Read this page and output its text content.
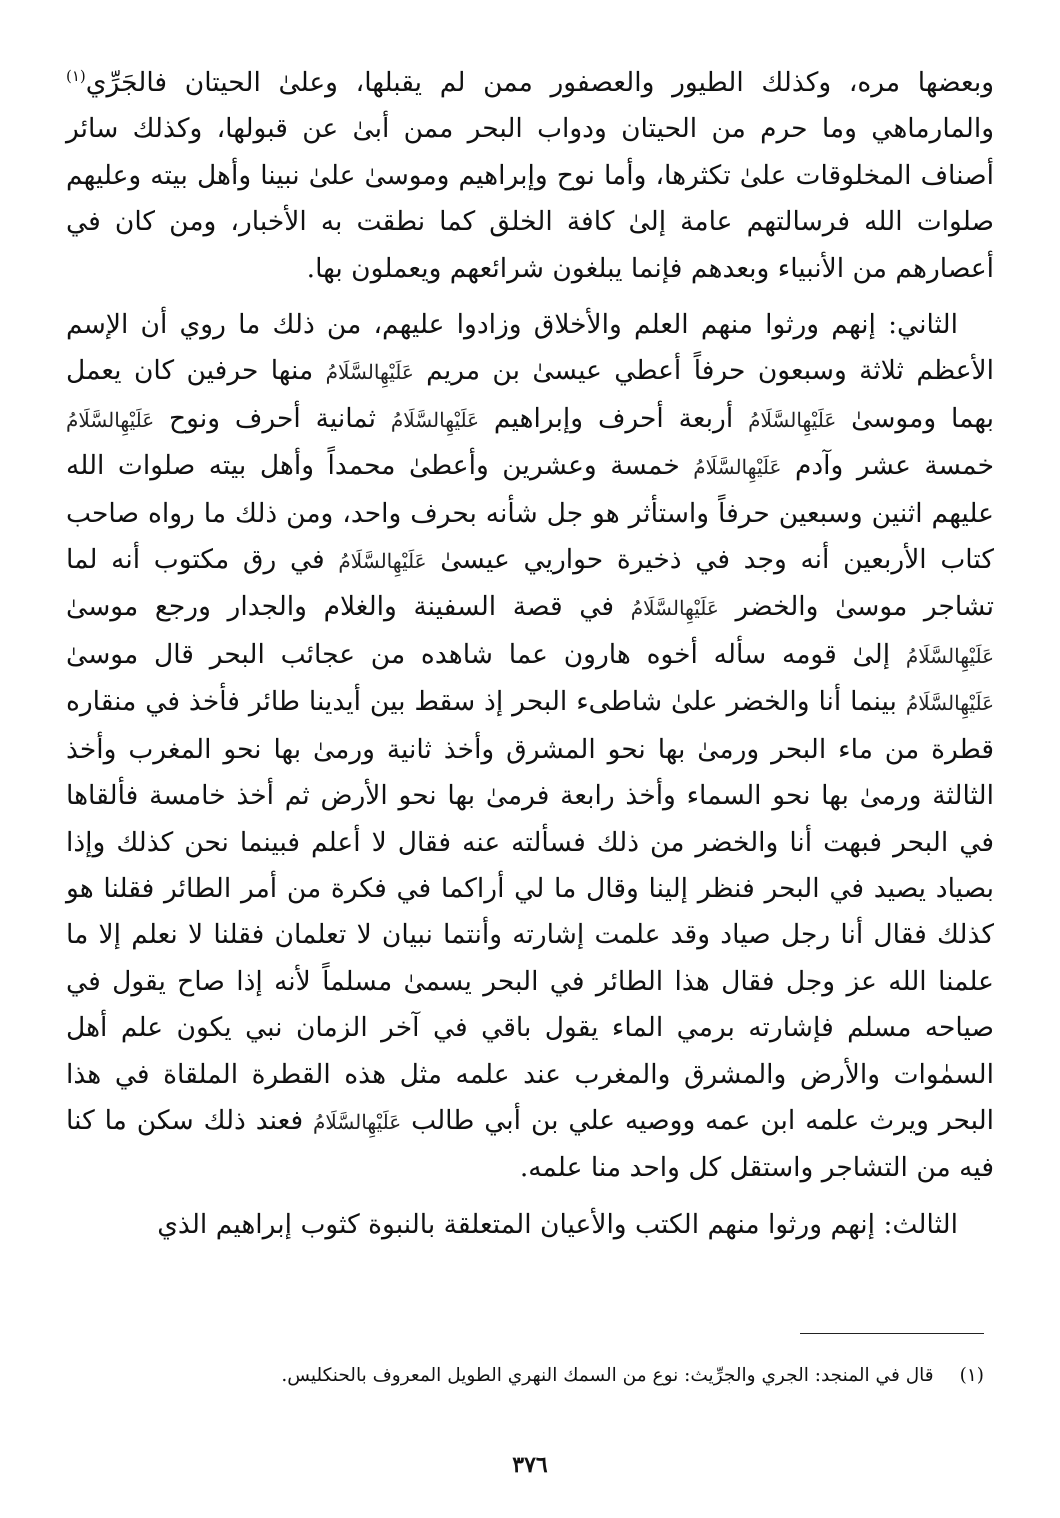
وبعضها مره، وكذلك الطيور والعصفور ممن لم يقبلها، وعلىٰ الحيتان فالجَرِّي$^{(١)}$ والمارماهي وما حرم من الحيتان ودواب البحر ممن أبىٰ عن قبولها، وكذلك سائر أصناف المخلوقات علىٰ تكثرها، وأما نوح وإبراهيم وموسىٰ علىٰ نبينا وأهل بيته وعليهم صلوات الله فرسالتهم عامة إلىٰ كافة الخلق كما نطقت به الأخبار، ومن كان في أعصارهم من الأنبياء وبعدهم فإنما يبلغون شرائعهم ويعملون بها.

الثاني: إنهم ورثوا منهم العلم والأخلاق وزادوا عليهم، من ذلك ما روي أن الإسم الأعظم ثلاثة وسبعون حرفاً أعطي عيسىٰ بن مريم عَلَيْهِالسَّلَامُ منها حرفين كان يعمل بهما وموسىٰ عَلَيْهِالسَّلَامُ أربعة أحرف وإبراهيم عَلَيْهِالسَّلَامُ ثمانية أحرف ونوح عَلَيْهِالسَّلَامُ خمسة عشر وآدم عَلَيْهِالسَّلَامُ خمسة وعشرين وأعطىٰ محمداً وأهل بيته صلوات الله عليهم اثنين وسبعين حرفاً واستأثر هو جل شأنه بحرف واحد، ومن ذلك ما رواه صاحب كتاب الأربعين أنه وجد في ذخيرة حواريي عيسىٰ عَلَيْهِالسَّلَامُ في رق مكتوب أنه لما تشاجر موسىٰ والخضر عَلَيْهِالسَّلَامُ في قصة السفينة والغلام والجدار ورجع موسىٰ عَلَيْهِالسَّلَامُ إلىٰ قومه سأله أخوه هارون عما شاهده من عجائب البحر قال موسىٰ عَلَيْهِالسَّلَامُ بينما أنا والخضر علىٰ شاطىء البحر إذ سقط بين أيدينا طائر فأخذ في منقاره قطرة من ماء البحر ورمىٰ بها نحو المشرق وأخذ ثانية ورمىٰ بها نحو المغرب وأخذ الثالثة ورمىٰ بها نحو السماء وأخذ رابعة فرمىٰ بها نحو الأرض ثم أخذ خامسة فألقاها في البحر فبهت أنا والخضر من ذلك فسألته عنه فقال لا أعلم فبينما نحن كذلك وإذا بصياد يصيد في البحر فنظر إلينا وقال ما لي أراكما في فكرة من أمر الطائر فقلنا هو كذلك فقال أنا رجل صياد وقد علمت إشارته وأنتما نبيان لا تعلمان فقلنا لا نعلم إلا ما علمنا الله عز وجل فقال هذا الطائر في البحر يسمىٰ مسلماً لأنه إذا صاح يقول في صياحه مسلم فإشارته برمي الماء يقول باقي في آخر الزمان نبي يكون علم أهل السمٰوات والأرض والمشرق والمغرب عند علمه مثل هذه القطرة الملقاة في هذا البحر ويرث علمه ابن عمه ووصيه علي بن أبي طالب عَلَيْهِالسَّلَامُ فعند ذلك سكن ما كنا فيه من التشاجر واستقل كل واحد منا علمه.

الثالث: إنهم ورثوا منهم الكتب والأعيان المتعلقة بالنبوة كثوب إبراهيم الذي

(١)قال في المنجد: الجري والجرِّيث: نوع من السمك النهري الطويل المعروف بالحنكليس.
٣٧٦
